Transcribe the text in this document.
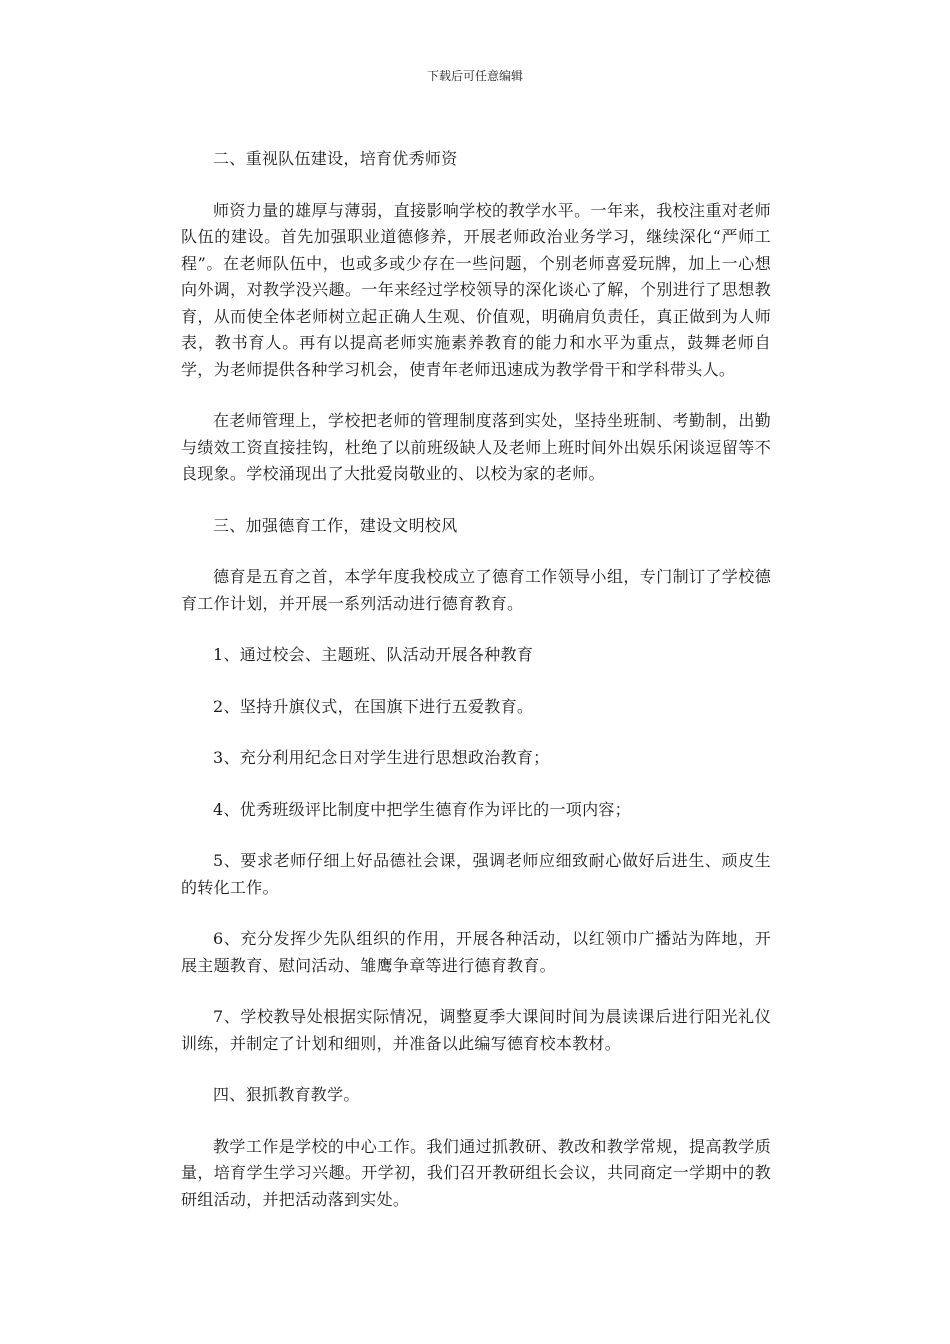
下载后可任意编辑

二、重视队伍建设，培育优秀师资

师资力量的雄厚与薄弱，直接影响学校的教学水平。一年来，我校注重对老师队伍的建设。首先加强职业道德修养，开展老师政治业务学习，继续深化“严师工程”。在老师队伍中，也或多或少存在一些问题，个别老师喜爱玩牌，加上一心想向外调，对教学没兴趣。一年来经过学校领导的深化谈心了解，个别进行了思想教育，从而使全体老师树立起正确人生观、价值观，明确肩负责任，真正做到为人师表，教书育人。再有以提高老师实施素养教育的能力和水平为重点，鼓舞老师自学，为老师提供各种学习机会，使青年老师迅速成为教学骨干和学科带头人。

在老师管理上，学校把老师的管理制度落到实处，坚持坐班制、考勤制，出勤与绩效工资直接挂钩，杜绝了以前班级缺人及老师上班时间外出娱乐闲谈逗留等不良现象。学校涌现出了大批爱岗敬业的、以校为家的老师。

三、加强德育工作，建设文明校风

德育是五育之首，本学年度我校成立了德育工作领导小组，专门制订了学校德育工作计划，并开展一系列活动进行德育教育。

1、通过校会、主题班、队活动开展各种教育

2、坚持升旗仪式，在国旗下进行五爱教育。

3、充分利用纪念日对学生进行思想政治教育；

4、优秀班级评比制度中把学生德育作为评比的一项内容；

5、要求老师仔细上好品德社会课，强调老师应细致耐心做好后进生、顽皮生的转化工作。

6、充分发挥少先队组织的作用，开展各种活动，以红领巾广播站为阵地，开展主题教育、慰问活动、雏鹰争章等进行德育教育。

7、学校教导处根据实际情况，调整夏季大课间时间为晨读课后进行阳光礼仪训练，并制定了计划和细则，并准备以此编写德育校本教材。

四、狠抓教育教学。

教学工作是学校的中心工作。我们通过抓教研、教改和教学常规，提高教学质量，培育学生学习兴趣。开学初，我们召开教研组长会议，共同商定一学期中的教研组活动，并把活动落到实处。
